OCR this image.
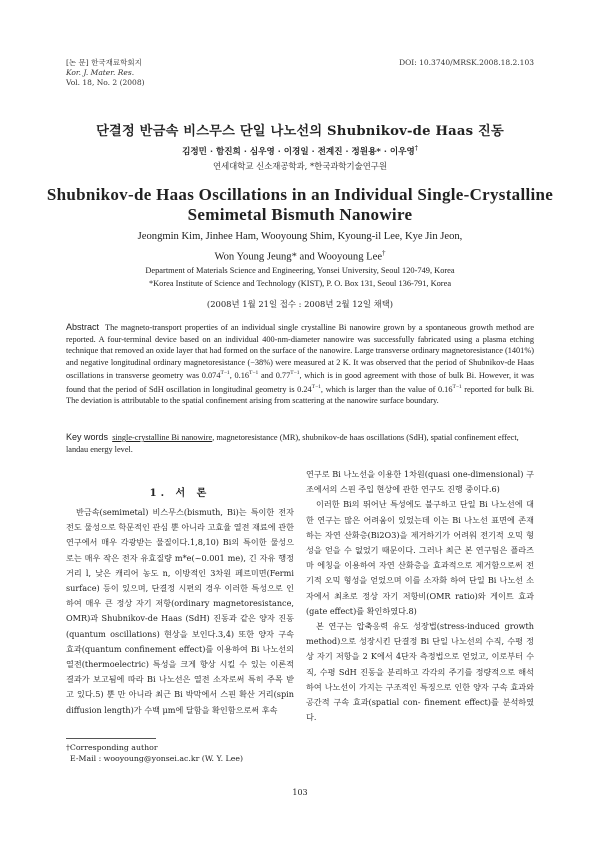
[논 문] 한국재료학회지
Kor. J. Mater. Res.
Vol. 18, No. 2 (2008)
DOI: 10.3740/MRSK.2008.18.2.103
단결정 반금속 비스무스 단일 나노선의 Shubnikov-de Haas 진동
김정민 · 함진희 · 심우영 · 이경일 · 전계진 · 정원용* · 이우영†
연세대학교 신소재공학과, *한국과학기술연구원
Shubnikov-de Haas Oscillations in an Individual Single-Crystalline
Semimetal Bismuth Nanowire
Jeongmin Kim, Jinhee Ham, Wooyoung Shim, Kyoung-il Lee, Kye Jin Jeon,
Won Young Jeung* and Wooyoung Lee†
Department of Materials Science and Engineering, Yonsei University, Seoul 120-749, Korea
*Korea Institute of Science and Technology (KIST), P. O. Box 131, Seoul 136-791, Korea
(2008년 1월 21일 접수 : 2008년 2월 12일 채택)
Abstract The magneto-transport properties of an individual single crystalline Bi nanowire grown by a spontaneous growth method are reported. A four-terminal device based on an individual 400-nm-diameter nanowire was successfully fabricated using a plasma etching technique that removed an oxide layer that had formed on the surface of the nanowire. Large transverse ordinary magnetoresistance (1401%) and negative longitudinal ordinary magnetoresistance (−38%) were measured at 2 K. It was observed that the period of Shubnikov-de Haas oscillations in transverse geometry was $0.074^{T-1}$, $0.16^{T-1}$ and $0.77^{T-1}$, which is in good agreement with those of bulk Bi. However, it was found that the period of SdH oscillation in longitudinal geometry is $0.24^{T-1}$, which is larger than the value of $0.16^{T-1}$ reported for bulk Bi. The deviation is attributable to the spatial confinement arising from scattering at the nanowire surface boundary.
Key words single-crystalline Bi nanowire, magnetoresistance (MR), shubnikov-de haas oscillations (SdH), spatial confinement effect, landau energy level.
1. 서 론

반금속(semimetal) 비스무스(bismuth, Bi)는 특이한 전자전도 물성으로 학문적인 관심 뿐 아니라 고효율 열전 재료에 관한 연구에서 매우 각광받는 물질이다.1,8,10) Bi의 특이한 물성으로는 매우 작은 전자 유효질량 m*e(~0.001 me), 긴 자유 행정 거리 l, 낮은 캐리어 농도 n, 이방적인 3차원 페르미면(Fermi surface) 등이 있으며, 단결정 시편의 경우 이러한 특성으로 인하여 매우 큰 정상 자기 저항(ordinary magnetoresistance, OMR)과 Shubnikov-de Haas (SdH) 진동과 같은 양자 진동(quantum oscillations) 현상을 보인다.3,4) 또한 양자 구속 효과(quantum confinement effect)를 이용하여 Bi 나노선의 열전(thermoelectric) 특성을 크게 향상 시킬 수 있는 이론적 결과가 보고됨에 따라 Bi 나노선은 열전 소자로써 특히 주목 받고 있다.5) 뿐 만 아니라 최근 Bi 박막에서 스핀 확산 거리(spin diffusion length)가 수백 μm에 달함을 확인함으로써 후속

연구로 Bi 나노선을 이용한 1차원(quasi one-dimensional) 구조에서의 스핀 주입 현상에 관한 연구도 진행 중이다.6)

이러한 Bi의 뛰어난 특성에도 불구하고 단일 Bi 나노선에 대한 연구는 많은 어려움이 있었는데 이는 Bi 나노선 표면에 존재하는 자연 산화층(Bi2O3)을 제거하기가 어려워 전기적 오믹 형성을 얻을 수 없었기 때문이다. 그러나 최근 본 연구팀은 플라즈마 에칭을 이용하여 자연 산화층을 효과적으로 제거함으로써 전기적 오믹 형성을 얻었으며 이를 소자화 하여 단일 Bi 나노선 소자에서 최초로 정상 자기 저항비(OMR ratio)와 게이트 효과(gate effect)를 확인하였다.8)

본 연구는 압축응력 유도 성장법(stress-induced growth method)으로 성장시킨 단결정 Bi 단일 나노선의 수직, 수평 정상 자기 저항을 2 K에서 4단자 측정법으로 얻었고, 이로부터 수직, 수평 SdH 진동을 분리하고 각각의 주기를 정량적으로 해석하여 나노선이 가지는 구조적인 특징으로 인한 양자 구속 효과와 공간적 구속 효과(spatial con- finement effect)를 분석하였다.

†Corresponding author
E-Mail : wooyoung@yonsei.ac.kr (W. Y. Lee)
103
